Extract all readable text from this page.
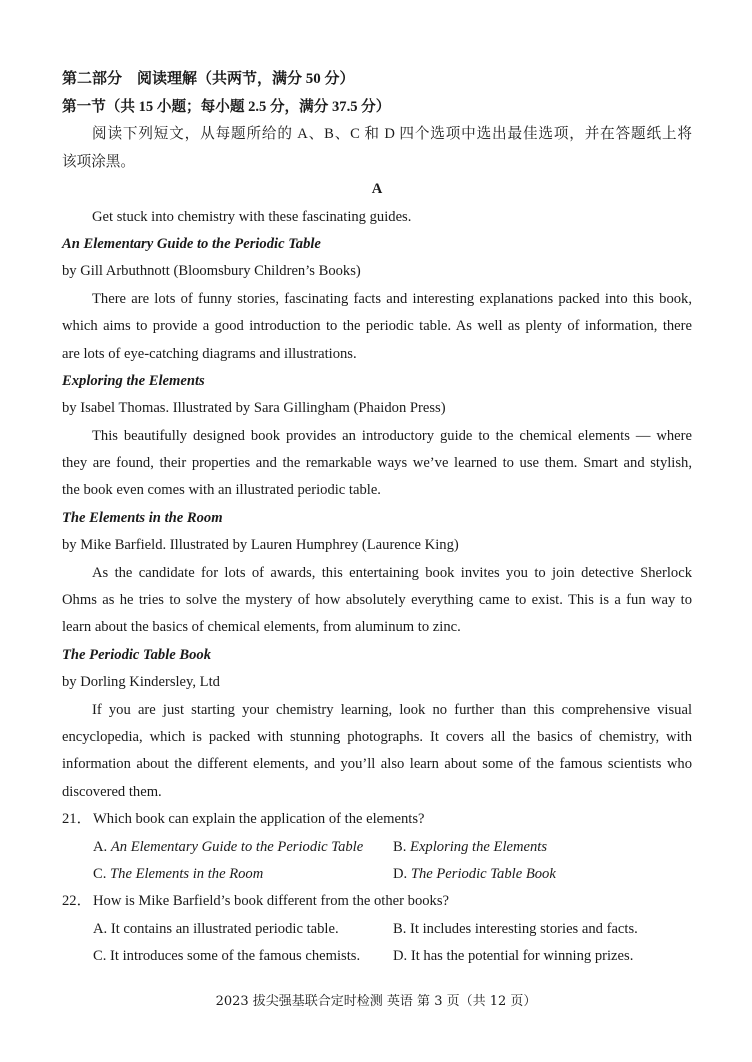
第二部分　阅读理解（共两节，满分 50 分）
第一节（共 15 小题；每小题 2.5 分，满分 37.5 分）
阅读下列短文，从每题所给的 A、B、C 和 D 四个选项中选出最佳选项，并在答题纸上将
该项涂黑。
A
Get stuck into chemistry with these fascinating guides.
An Elementary Guide to the Periodic Table
by Gill Arbuthnott (Bloomsbury Children’s Books)
There are lots of funny stories, fascinating facts and interesting explanations packed into this book,
which aims to provide a good introduction to the periodic table. As well as plenty of information, there
are lots of eye-catching diagrams and illustrations.
Exploring the Elements
by Isabel Thomas. Illustrated by Sara Gillingham (Phaidon Press)
This beautifully designed book provides an introductory guide to the chemical elements — where
they are found, their properties and the remarkable ways we’ve learned to use them. Smart and stylish,
the book even comes with an illustrated periodic table.
The Elements in the Room
by Mike Barfield. Illustrated by Lauren Humphrey (Laurence King)
As the candidate for lots of awards, this entertaining book invites you to join detective Sherlock
Ohms as he tries to solve the mystery of how absolutely everything came to exist. This is a fun way to
learn about the basics of chemical elements, from aluminum to zinc.
The Periodic Table Book
by Dorling Kindersley, Ltd
If you are just starting your chemistry learning, look no further than this comprehensive visual
encyclopedia, which is packed with stunning photographs. It covers all the basics of chemistry, with
information about the different elements, and you’ll also learn about some of the famous scientists who
discovered them.
21． Which book can explain the application of the elements?
A. An Elementary Guide to the Periodic Table	B. Exploring the Elements
C. The Elements in the Room	D. The Periodic Table Book
22． How is Mike Barfield’s book different from the other books?
A. It contains an illustrated periodic table.	B. It includes interesting stories and facts.
C. It introduces some of the famous chemists.	D. It has the potential for winning prizes.
2023 拔尖强基联合定时检测 英语 第 3 页（共 12 页）
